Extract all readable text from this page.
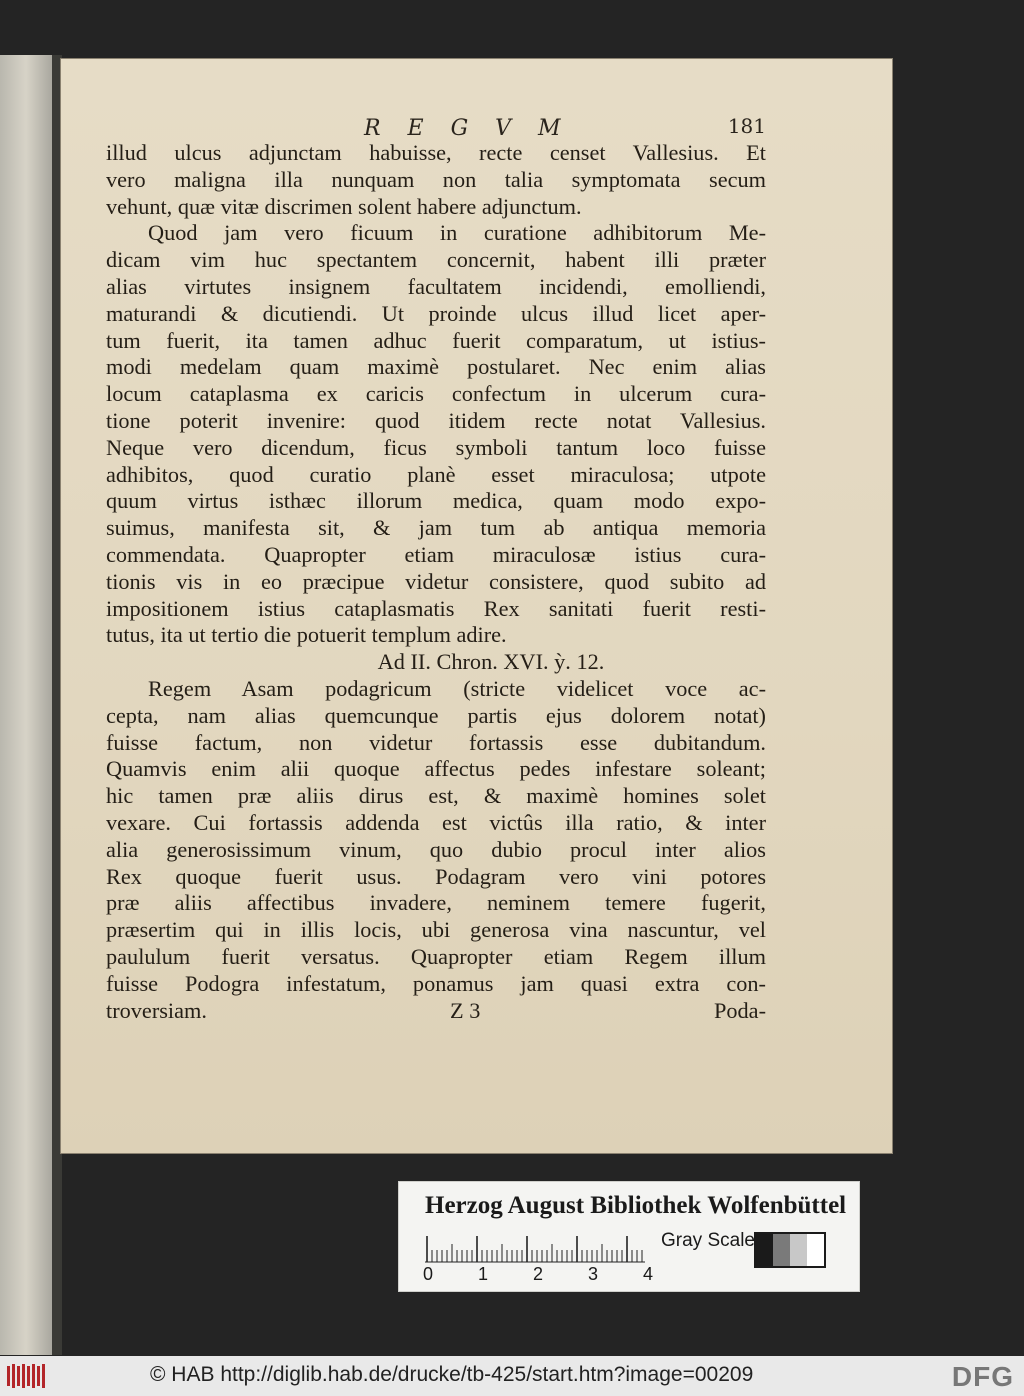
R E G V M	181
illud ulcus adjunctam habuisse, recte censet Vallesius. Et
vero maligna illa nunquam non talia symptomata secum
vehunt, quæ vitæ discrimen solent habere adjunctum.
Quod jam vero ficuum in curatione adhibitorum Me-
dicam vim huc spectantem concernit, habent illi præter
alias virtutes insignem facultatem incidendi, emolliendi,
maturandi & dicutiendi. Ut proinde ulcus illud licet aper-
tum fuerit, ita tamen adhuc fuerit comparatum, ut istius-
modi medelam quam maximè postularet. Nec enim alias
locum cataplasma ex caricis confectum in ulcerum cura-
tione poterit invenire: quod itidem recte notat Vallesius.
Neque vero dicendum, ficus symboli tantum loco fuisse
adhibitos, quod curatio planè esset miraculosa; utpote
quum virtus isthæc illorum medica, quam modo expo-
suimus, manifesta sit, & jam tum ab antiqua memoria
commendata. Quapropter etiam miraculosæ istius cura-
tionis vis in eo præcipue videtur consistere, quod subito ad
impositionem istius cataplasmatis Rex sanitati fuerit resti-
tutus, ita ut tertio die potuerit templum adire.
Ad II. Chron. XVI. ỳ. 12.
Regem Asam podagricum (stricte videlicet voce ac-
cepta, nam alias quemcunque partis ejus dolorem notat)
fuisse factum, non videtur fortassis esse dubitandum.
Quamvis enim alii quoque affectus pedes infestare soleant;
hic tamen præ aliis dirus est, & maximè homines solet
vexare. Cui fortassis addenda est victûs illa ratio, & inter
alia generosissimum vinum, quo dubio procul inter alios
Rex quoque fuerit usus. Podagram vero vini potores
præ aliis affectibus invadere, neminem temere fugerit,
præsertim qui in illis locis, ubi generosa vina nascuntur, vel
paululum fuerit versatus. Quapropter etiam Regem illum
fuisse Podogra infestatum, ponamus jam quasi extra con-
troversiam.	Z 3	Poda-
Herzog August Bibliothek Wolfenbüttel
0 1 2 3 4
Gray Scale
© HAB http://diglib.hab.de/drucke/tb-425/start.htm?image=00209	DFG
